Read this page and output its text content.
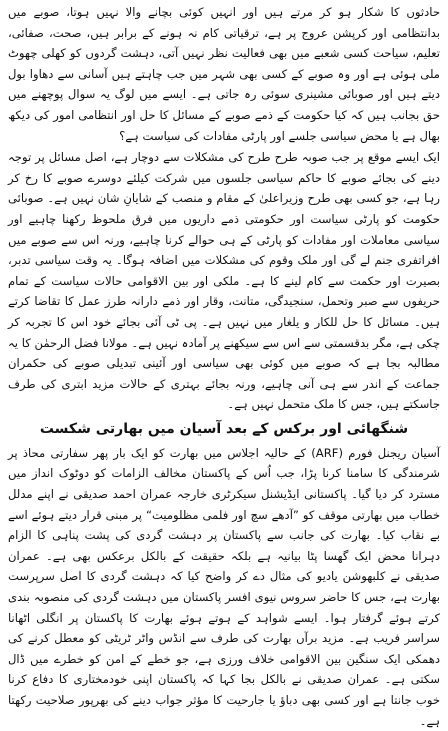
حادثوں کا شکار ہو کر مرتے ہیں اور انہیں کوئی بچانے والا نہیں ہوتا، صوبے میں بدانتظامی اور کرپشن عروج پر ہے، ترقیاتی کام نہ ہونے کے برابر ہیں، صحت، صفائی، تعلیم، سیاحت کسی شعبے میں بھی فعالیت نظر نہیں آتی، دہشت گردوں کو کھلی چھوٹ ملی ہوئی ہے اور وہ صوبے کے کسی بھی شہر میں جب چاہتے ہیں آسانی سے دھاوا بول دیتے ہیں اور صوبائی مشینری سوئی رہ جاتی ہے۔ ایسے میں لوگ یہ سوال پوچھنے میں حق بجانب ہیں کہ کیا حکومت کے ذمے صوبے کے مسائل کا حل اور انتظامی امور کی دیکھ بھال ہے یا محض سیاسی جلسے اور پارٹی مفادات کی سیاست ہے؟

ایک ایسے موقع پر جب صوبہ طرح طرح کی مشکلات سے دوچار ہے، اصل مسائل پر توجہ دینے کی بجائے صوبے کا حاکم سیاسی جلسوں میں شرکت کیلئے دوسرے صوبے کا رخ کر رہا ہے، جو کسی بھی طرح وزیراعلیٰ کے مقام و منصب کے شایانِ شان نہیں ہے۔ صوبائی حکومت کو پارٹی سیاست اور حکومتی ذمے داریوں میں فرق ملحوظ رکھنا چاہیے اور سیاسی معاملات اور مفادات کو پارٹی کے ہی حوالے کرنا چاہیے، ورنہ اس سے صوبے میں افراتفری جنم لے گی اور ملک وقوم کی مشکلات میں اضافہ ہوگا۔ یہ وقت سیاسی تدبر، بصیرت اور حکمت سے کام لینے کا ہے۔ ملکی اور بین الاقوامی حالات سیاست کے تمام حریفوں سے صبر وتحمل، سنجیدگی، متانت، وقار اور ذمے دارانہ طرز عمل کا تقاضا کرتے ہیں۔ مسائل کا حل للکار و یلغار میں نہیں ہے۔ پی ٹی آئی بجائے خود اس کا تجربہ کر چکی ہے، مگر بدقسمتی سے اس سے سیکھنے پر آمادہ نہیں ہے۔ مولانا فضل الرحمٰن کا یہ مطالبہ بجا ہے کہ صوبے میں کوئی بھی سیاسی اور آئینی تبدیلی صوبے کی حکمران جماعت کے اندر سے ہی آنی چاہیے، ورنہ بجائے بہتری کے حالات مزید ابتری کی طرف جاسکتے ہیں، جس کا ملک متحمل نہیں ہے۔

شنگھائی اور برکس کے بعد آسیان میں بھارتی شکست

آسیان ریجنل فورم (ARF) کے حالیہ اجلاس میں بھارت کو ایک بار پھر سفارتی محاذ پر شرمندگی کا سامنا کرنا پڑا، جب اُس کے پاکستان مخالف الزامات کو دوٹوک انداز میں مسترد کر دیا گیا۔ پاکستانی ایڈیشنل سیکرٹری خارجہ عمران احمد صدیقی نے اپنے مدلل خطاب میں بھارتی موقف کو ”آدھے سچ اور فلمی مظلومیت“ پر مبنی قرار دیتے ہوئے اسے بے نقاب کیا۔ بھارت کی جانب سے پاکستان پر دہشت گردی کی پشت پناہی کا الزام دہرانا محض ایک گھسا پٹا بیانیہ ہے بلکہ حقیقت کے بالکل برعکس بھی ہے۔ عمران صدیقی نے کلبھوشن یادیو کی مثال دے کر واضح کیا کہ دہشت گردی کا اصل سرپرست بھارت ہے، جس کا حاضر سروس نیوی افسر پاکستان میں دہشت گردی کی منصوبہ بندی کرتے ہوئے گرفتار ہوا۔ ایسے شواہد کے ہوتے ہوئے بھارت کا پاکستان پر انگلی اٹھانا سراسر فریب ہے۔ مزید برآں بھارت کی طرف سے انڈس واٹر ٹریٹی کو معطل کرنے کی دھمکی ایک سنگین بین الاقوامی خلاف ورزی ہے، جو خطے کے امن کو خطرے میں ڈال سکتی ہے۔ عمران صدیقی نے بالکل بجا کہا کہ پاکستان اپنی خودمختاری کا دفاع کرنا خوب جانتا ہے اور کسی بھی دباؤ یا جارحیت کا مؤثر جواب دینے کی بھرپور صلاحیت رکھتا ہے۔
